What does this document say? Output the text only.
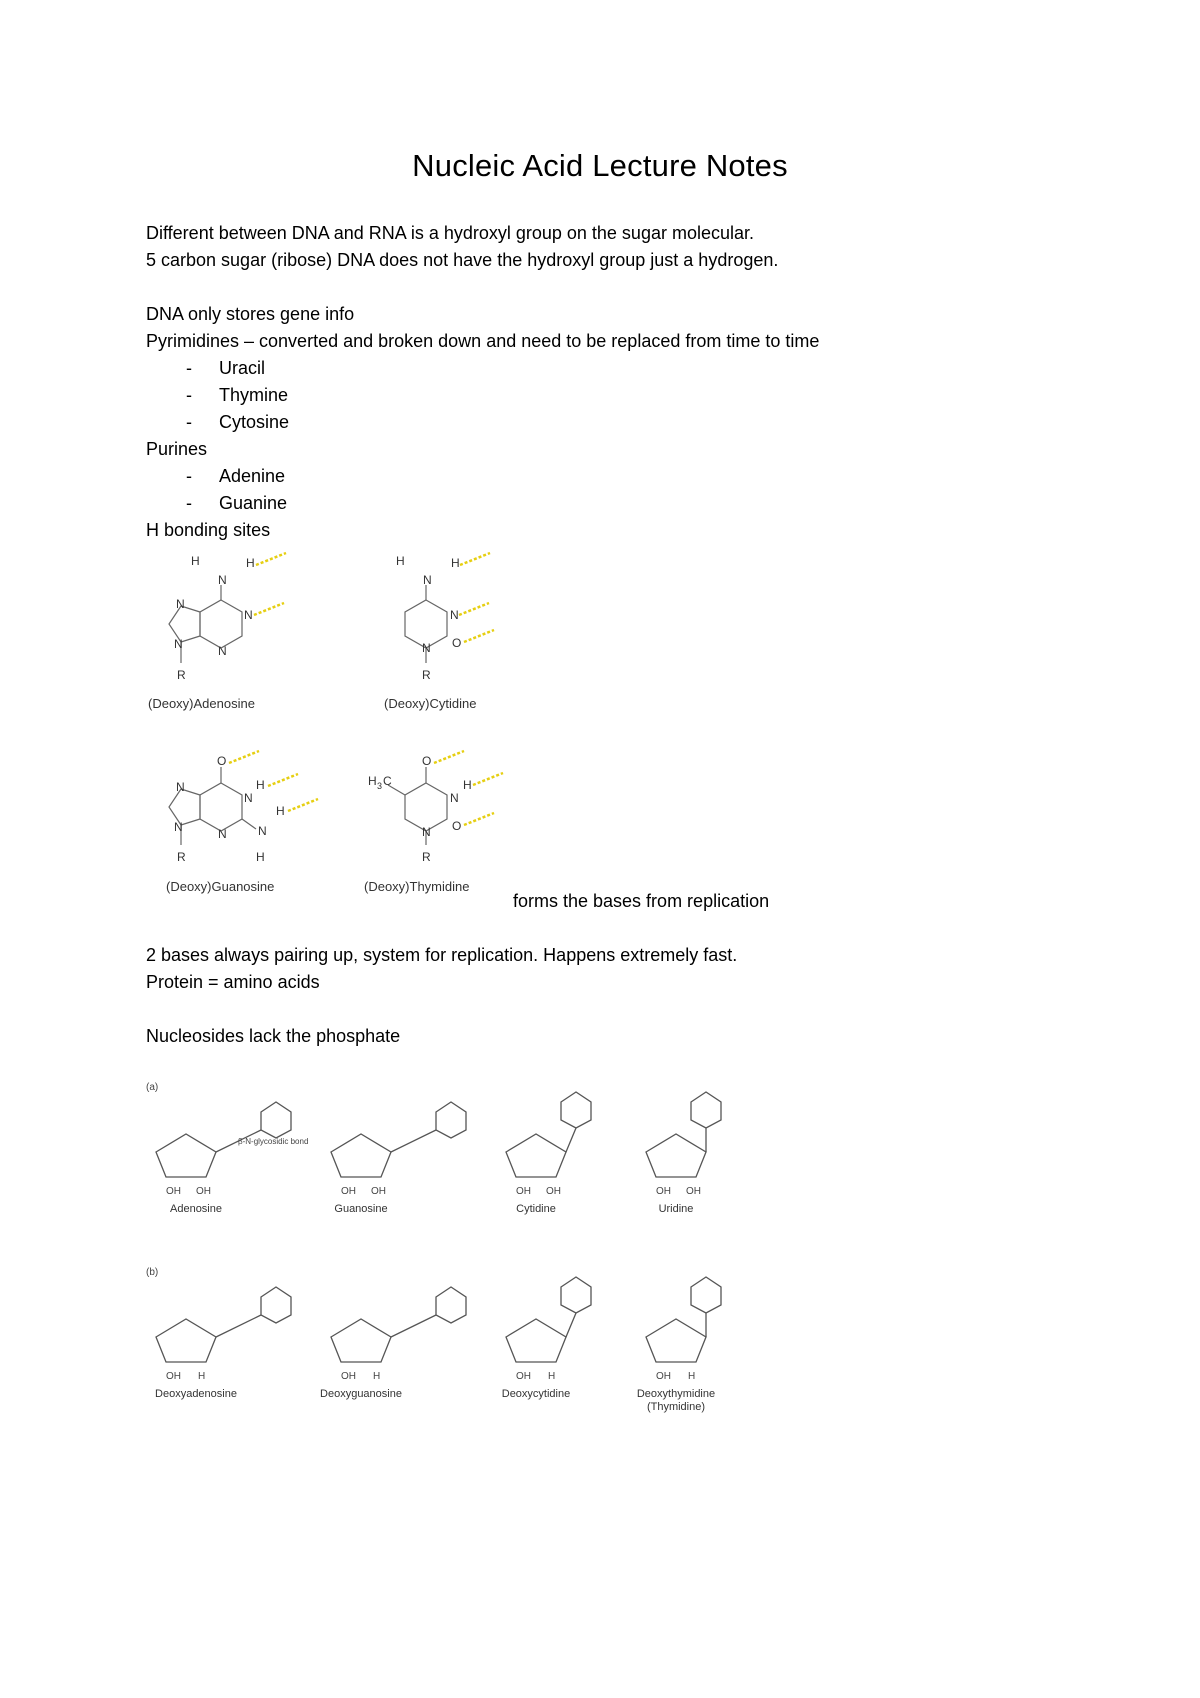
Nucleic Acid Lecture Notes
Different between DNA and RNA is a hydroxyl group on the sugar molecular.
5 carbon sugar (ribose) DNA does not have the hydroxyl group just a hydrogen.
DNA only stores gene info
Pyrimidines – converted and broken down and need to be replaced from time to time
- Uracil
- Thymine
- Cytosine
Purines
- Adenine
- Guanine
H bonding sites
H
N
H
N
N
N	N
R
(Deoxy)Adenosine
H
N
H
N
O
N
R
(Deoxy)Cytidine
O
H
N
N
N	N	N
H
H
R
(Deoxy)Guanosine
O
H 3 C	H
N
O
N
R
(Deoxy)Thymidine
forms the bases from replication
2 bases always pairing up, system for replication. Happens extremely fast.
Protein = amino acids
Nucleosides lack the phosphate
(a)
(b)
β-N-glycosidic bond
OH OH	OH OH	OH OH	OH OH
OH H	OH H	OH H	OH H
Adenosine	Guanosine	Cytidine	Uridine
Deoxyadenosine	Deoxyguanosine	Deoxycytidine	Deoxythymidine
(Thymidine)
